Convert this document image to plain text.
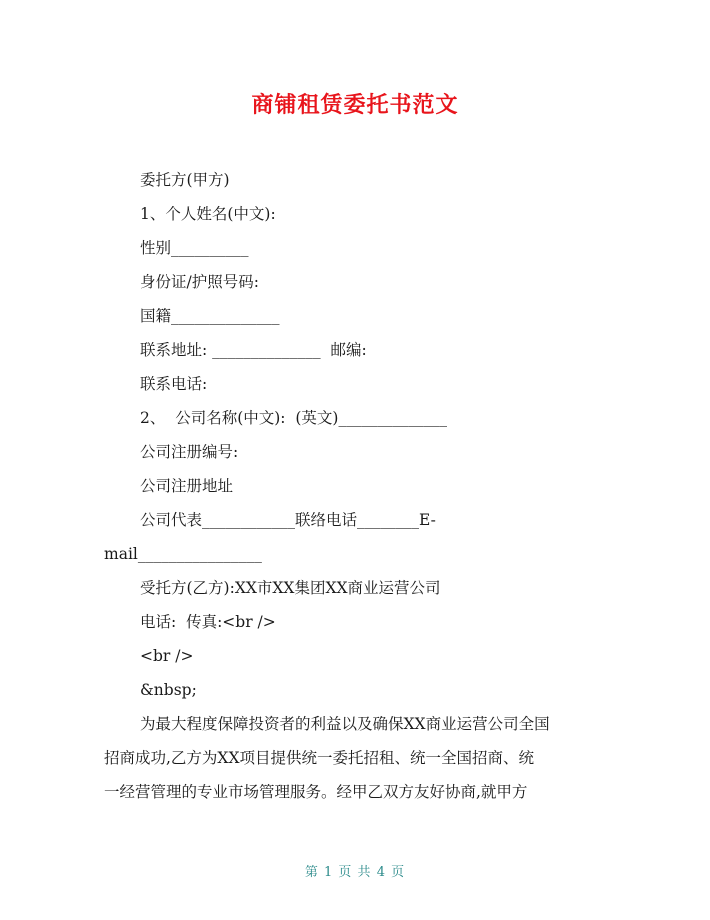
商铺租赁委托书范文
委托方(甲方)
1、个人姓名(中文):
性别__________
身份证/护照号码:
国籍______________
联系地址: ______________  邮编:
联系电话:
2、  公司名称(中文):  (英文)______________
公司注册编号:
公司注册地址
公司代表____________联络电话________E-
mail________________
受托方(乙方):XX市XX集团XX商业运营公司
电话:  传真:<br />
<br />
&nbsp;
为最大程度保障投资者的利益以及确保XX商业运营公司全国
招商成功,乙方为XX项目提供统一委托招租、统一全国招商、统
一经营管理的专业市场管理服务。经甲乙双方友好协商,就甲方
第 1 页 共 4 页
